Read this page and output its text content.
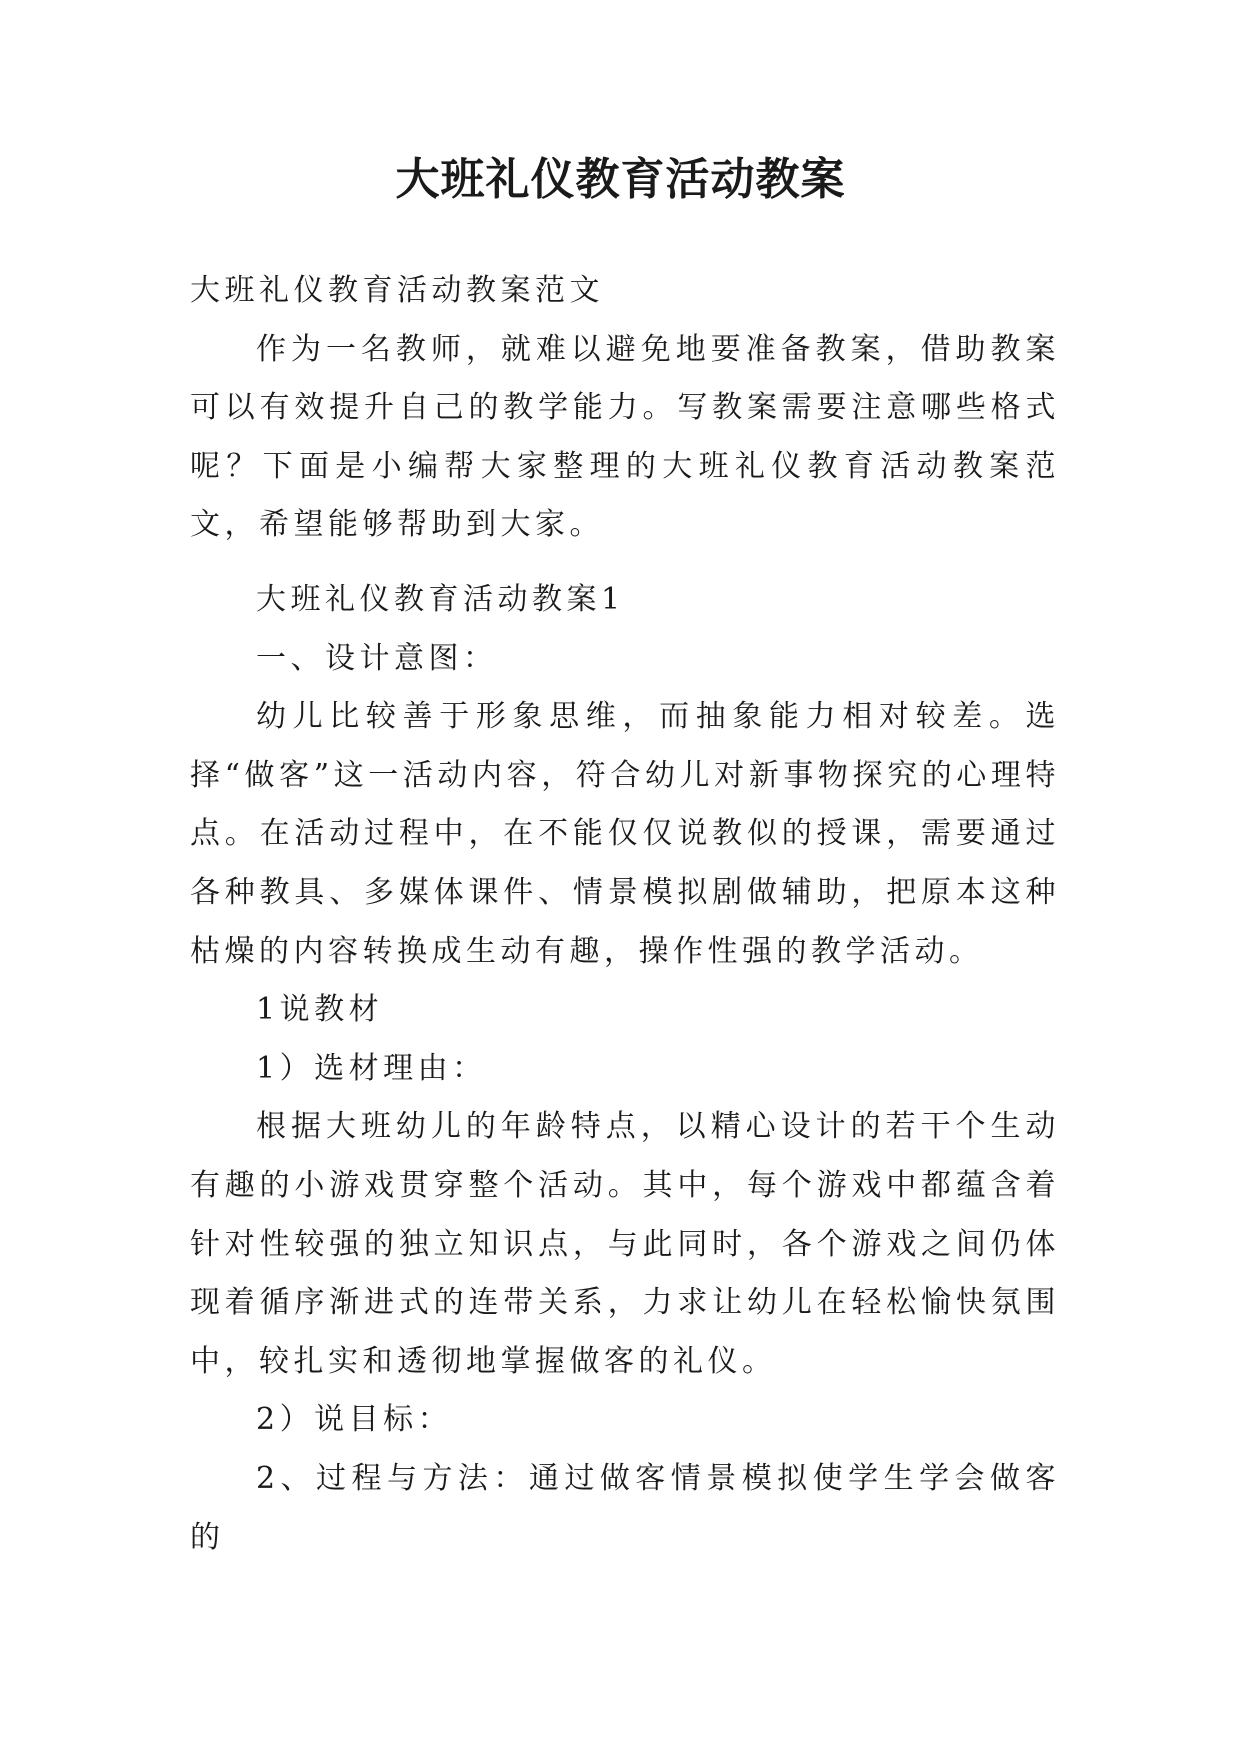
大班礼仪教育活动教案

大班礼仪教育活动教案范文

作为一名教师，就难以避免地要准备教案，借助教案可以有效提升自己的教学能力。写教案需要注意哪些格式呢？下面是小编帮大家整理的大班礼仪教育活动教案范文，希望能够帮助到大家。

大班礼仪教育活动教案1

一、设计意图：

幼儿比较善于形象思维，而抽象能力相对较差。选择“做客”这一活动内容，符合幼儿对新事物探究的心理特点。在活动过程中，在不能仅仅说教似的授课，需要通过各种教具、多媒体课件、情景模拟剧做辅助，把原本这种枯燥的内容转换成生动有趣，操作性强的教学活动。

1说教材

1）选材理由：

根据大班幼儿的年龄特点，以精心设计的若干个生动有趣的小游戏贯穿整个活动。其中，每个游戏中都蕴含着针对性较强的独立知识点，与此同时，各个游戏之间仍体现着循序渐进式的连带关系，力求让幼儿在轻松愉快氛围中，较扎实和透彻地掌握做客的礼仪。

2）说目标：

2、过程与方法：通过做客情景模拟使学生学会做客的
